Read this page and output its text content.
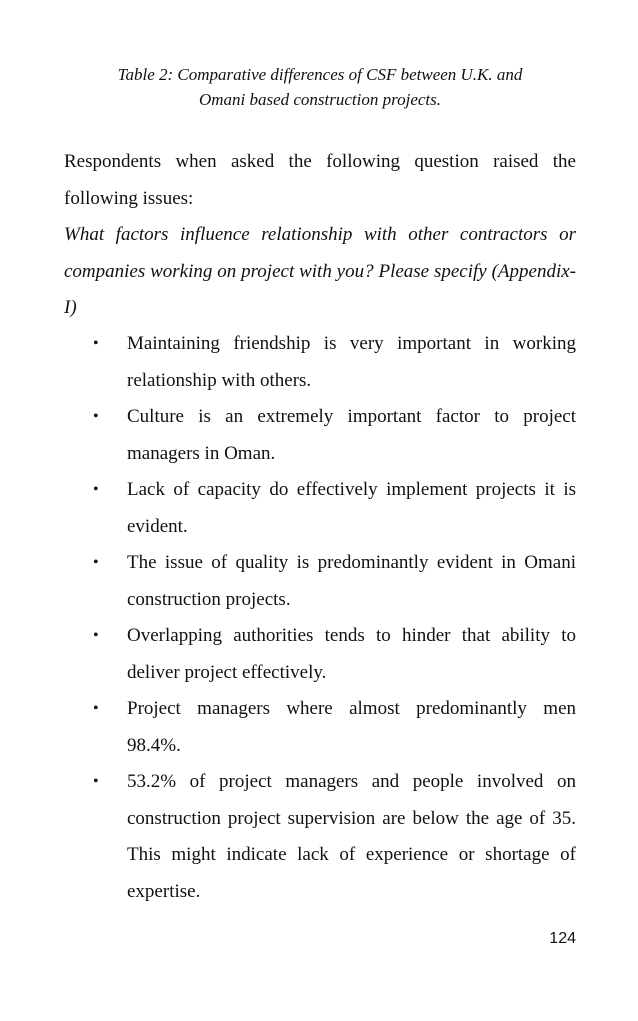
Table 2: Comparative differences of CSF between U.K. and
Omani based construction projects.
Respondents when asked the following question raised the following issues:
What factors influence relationship with other contractors or companies working on project with you? Please specify (Appendix-I)
•	Maintaining friendship is very important in working relationship with others.
•	Culture is an extremely important factor to project managers in Oman.
•	Lack of capacity do effectively implement projects it is evident.
•	The issue of quality is predominantly evident in Omani construction projects.
•	Overlapping authorities tends to hinder that ability to deliver project effectively.
•	Project managers where almost predominantly men 98.4%.
•	53.2% of project managers and people involved on construction project supervision are below the age of 35. This might indicate lack of experience or shortage of expertise.
124
